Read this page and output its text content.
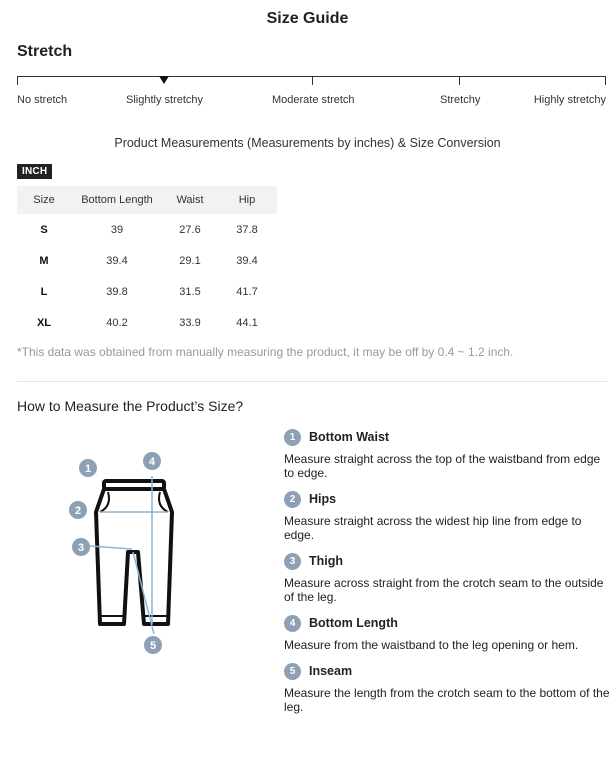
Size Guide
Stretch
No stretch	Slightly stretchy	Moderate stretch	Stretchy	Highly stretchy
Product Measurements (Measurements by inches) & Size Conversion
INCH
Size	Bottom Length	Waist	Hip
S	39	27.6	37.8
M	39.4	29.1	39.4
L	39.8	31.5	41.7
XL	40.2	33.9	44.1
*This data was obtained from manually measuring the product, it may be off by 0.4 ~ 1.2 inch.
How to Measure the Product’s Size?
1
2
3
4
5
1	Bottom Waist
Measure straight across the top of the waistband from edge to edge.
2	Hips
Measure straight across the widest hip line from edge to edge.
3	Thigh
Measure across straight from the crotch seam to the outside of the leg.
4	Bottom Length
Measure from the waistband to the leg opening or hem.
5	Inseam
Measure the length from the crotch seam to the bottom of the leg.
